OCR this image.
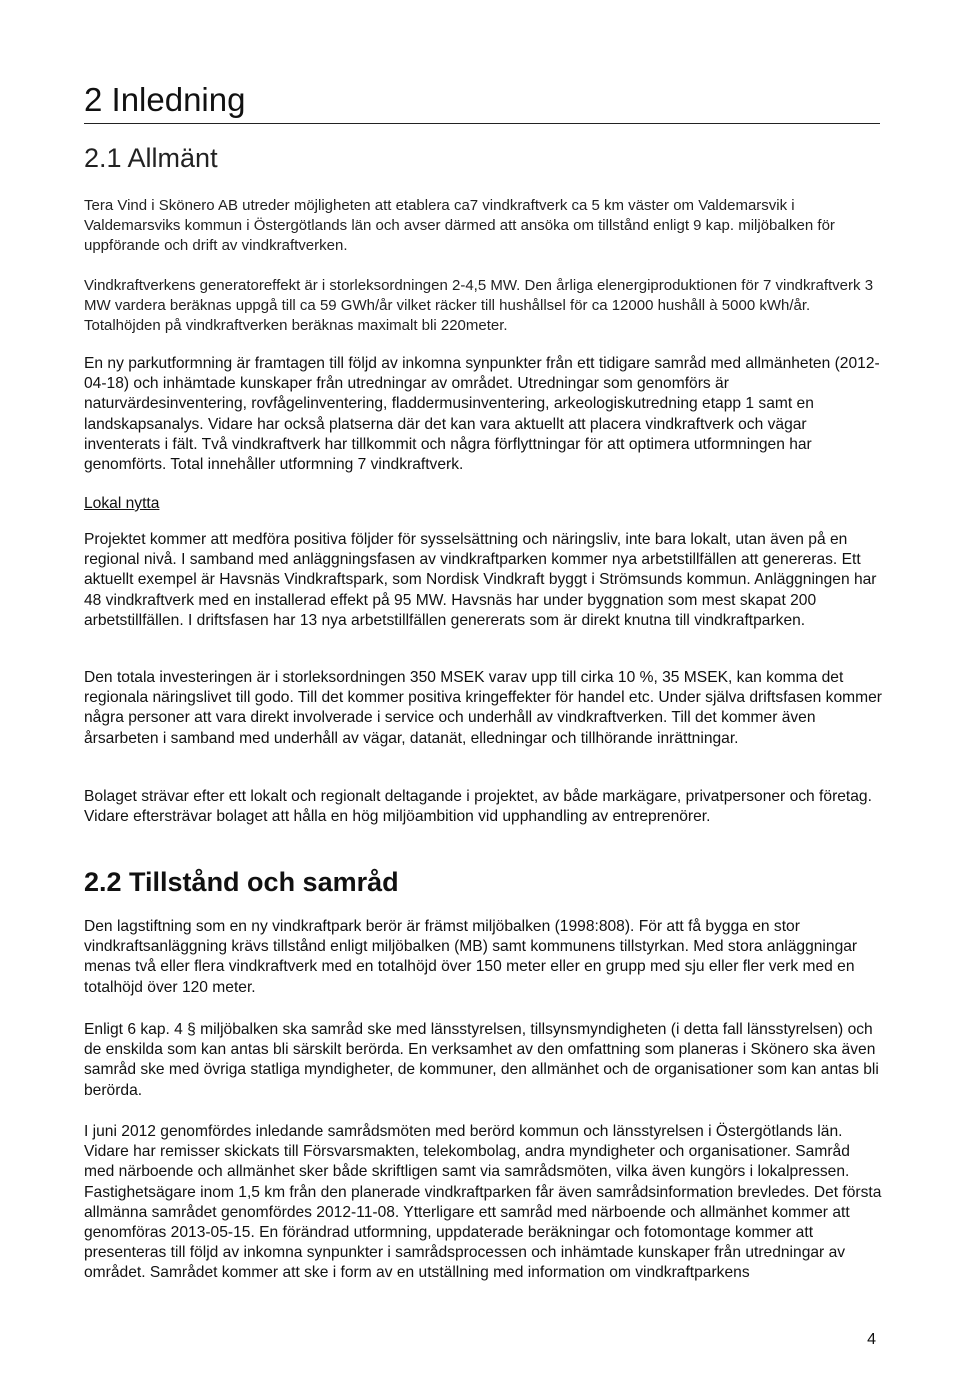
2 Inledning
2.1 Allmänt

Tera Vind i Skönero AB utreder möjligheten att etablera ca7 vindkraftverk ca 5 km väster om Valdemarsvik i Valdemarsviks kommun i Östergötlands län och avser därmed att ansöka om tillstånd enligt 9 kap. miljöbalken för uppförande och drift av vindkraftverken.

Vindkraftverkens generatoreffekt är i storleksordningen 2-4,5 MW. Den årliga elenergiproduktionen för 7 vindkraftverk 3 MW vardera beräknas uppgå till ca 59 GWh/år vilket räcker till hushållsel för ca 12000 hushåll à 5000 kWh/år. Totalhöjden på vindkraftverken beräknas maximalt bli 220meter.

En ny parkutformning är framtagen till följd av inkomna synpunkter från ett tidigare samråd med allmänheten (2012-04-18) och inhämtade kunskaper från utredningar av området. Utredningar som genomförs är naturvärdesinventering, rovfågelinventering, fladdermusinventering, arkeologiskutredning etapp 1 samt en landskapsanalys. Vidare har också platserna där det kan vara aktuellt att placera vindkraftverk och vägar inventerats i fält. Två vindkraftverk har tillkommit och några förflyttningar för att optimera utformningen har genomförts. Total innehåller utformning 7 vindkraftverk.

Lokal nytta

Projektet kommer att medföra positiva följder för sysselsättning och näringsliv, inte bara lokalt, utan även på en regional nivå. I samband med anläggningsfasen av vindkraftparken kommer nya arbetstillfällen att genereras. Ett aktuellt exempel är Havsnäs Vindkraftspark, som Nordisk Vindkraft byggt i Strömsunds kommun. Anläggningen har 48 vindkraftverk med en installerad effekt på 95 MW. Havsnäs har under byggnation som mest skapat 200 arbetstillfällen. I driftsfasen har 13 nya arbetstillfällen genererats som är direkt knutna till vindkraftparken.

Den totala investeringen är i storleksordningen 350 MSEK varav upp till cirka 10 %, 35 MSEK, kan komma det regionala näringslivet till godo. Till det kommer positiva kringeffekter för handel etc. Under själva driftsfasen kommer några personer att vara direkt involverade i service och underhåll av vindkraftverken. Till det kommer även årsarbeten i samband med underhåll av vägar, datanät, elledningar och tillhörande inrättningar.

Bolaget strävar efter ett lokalt och regionalt deltagande i projektet, av både markägare, privatpersoner och företag. Vidare eftersträvar bolaget att hålla en hög miljöambition vid upphandling av entreprenörer.

2.2 Tillstånd och samråd

Den lagstiftning som en ny vindkraftpark berör är främst miljöbalken (1998:808). För att få bygga en stor vindkraftsanläggning krävs tillstånd enligt miljöbalken (MB) samt kommunens tillstyrkan. Med stora anläggningar menas två eller flera vindkraftverk med en totalhöjd över 150 meter eller en grupp med sju eller fler verk med en totalhöjd över 120 meter.

Enligt 6 kap. 4 § miljöbalken ska samråd ske med länsstyrelsen, tillsynsmyndigheten (i detta fall länsstyrelsen) och de enskilda som kan antas bli särskilt berörda. En verksamhet av den omfattning som planeras i Skönero ska även samråd ske med övriga statliga myndigheter, de kommuner, den allmänhet och de organisationer som kan antas bli berörda.

I juni 2012 genomfördes inledande samrådsmöten med berörd kommun och länsstyrelsen i Östergötlands län. Vidare har remisser skickats till Försvarsmakten, telekombolag, andra myndigheter och organisationer. Samråd med närboende och allmänhet sker både skriftligen samt via samrådsmöten, vilka även kungörs i lokalpressen. Fastighetsägare inom 1,5 km från den planerade vindkraftparken får även samrådsinformation brevledes. Det första allmänna samrådet genomfördes 2012-11-08. Ytterligare ett samråd med närboende och allmänhet kommer att genomföras 2013-05-15. En förändrad utformning, uppdaterade beräkningar och fotomontage kommer att presenteras till följd av inkomna synpunkter i samrådsprocessen och inhämtade kunskaper från utredningar av området. Samrådet kommer att ske i form av en utställning med information om vindkraftparkens

4
